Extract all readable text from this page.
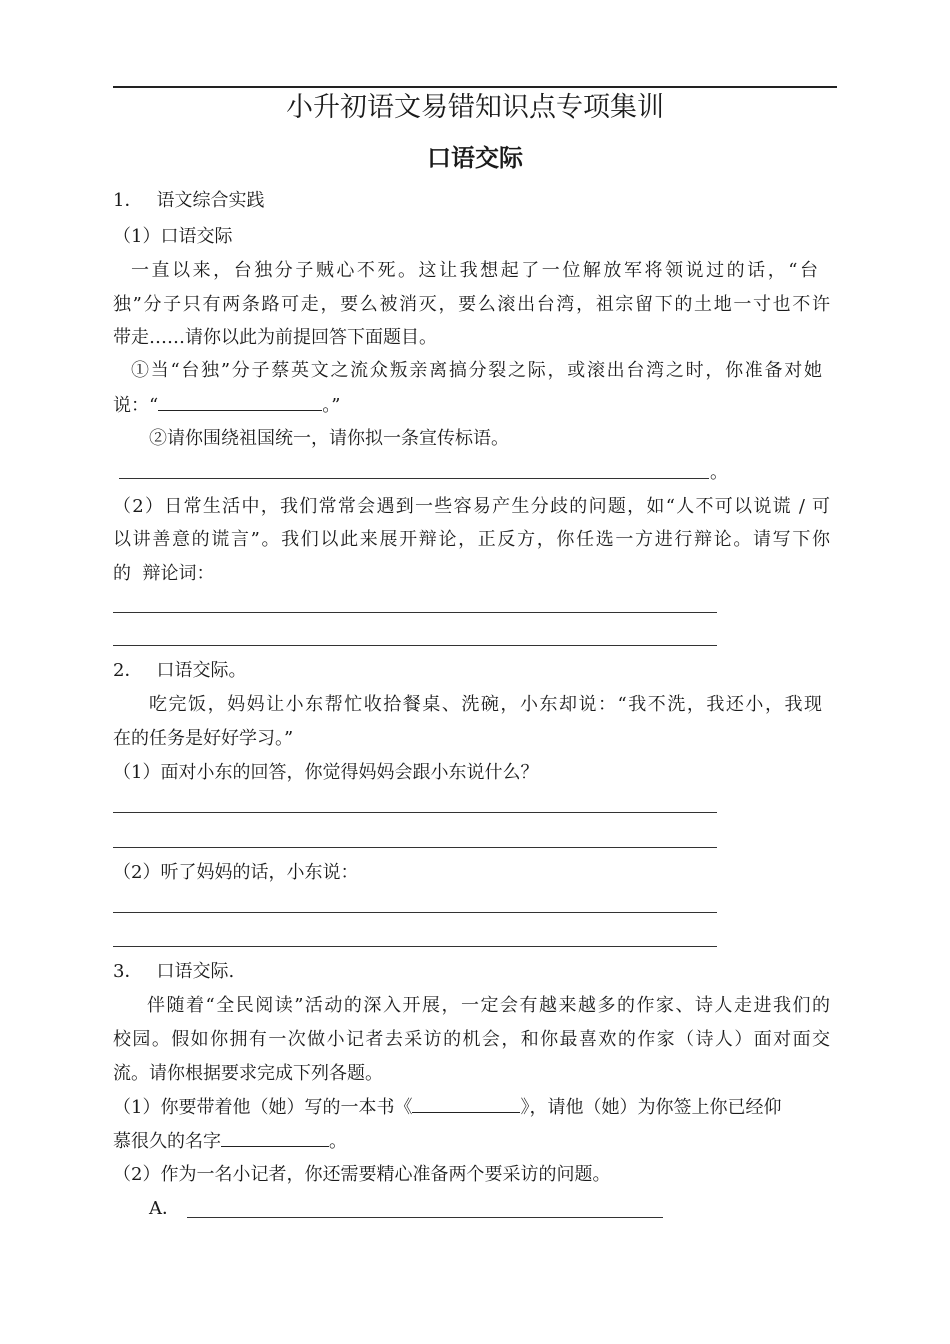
小升初语文易错知识点专项集训
口语交际
1． 语文综合实践
（1）口语交际
一直以来，台独分子贼心不死。这让我想起了一位解放军将领说过的话，“台
独”分子只有两条路可走，要么被消灭，要么滚出台湾，祖宗留下的土地一寸也不许
带走……请你以此为前提回答下面题目。
①当“台独”分子蔡英文之流众叛亲离搞分裂之际，或滚出台湾之时，你准备对她
说：“	。”
②请你围绕祖国统一，请你拟一条宣传标语。
。
（2）日常生活中，我们常常会遇到一些容易产生分歧的问题，如“人不可以说谎 / 可
以讲善意的谎言”。我们以此来展开辩论，正反方，你任选一方进行辩论。请写下你
的  辩论词：
2． 口语交际。
吃完饭，妈妈让小东帮忙收拾餐桌、洗碗，小东却说：“我不洗，我还小，我现
在的任务是好好学习。”
（1）面对小东的回答，你觉得妈妈会跟小东说什么？
（2）听了妈妈的话，小东说：
3． 口语交际.
伴随着“全民阅读”活动的深入开展，一定会有越来越多的作家、诗人走进我们的
校园。假如你拥有一次做小记者去采访的机会，和你最喜欢的作家（诗人）面对面交
流。请你根据要求完成下列各题。
（1）你要带着他（她）写的一本书《	》，请他（她）为你签上你已经仰
慕很久的名字	。
（2）作为一名小记者，你还需要精心准备两个要采访的问题。
A．
